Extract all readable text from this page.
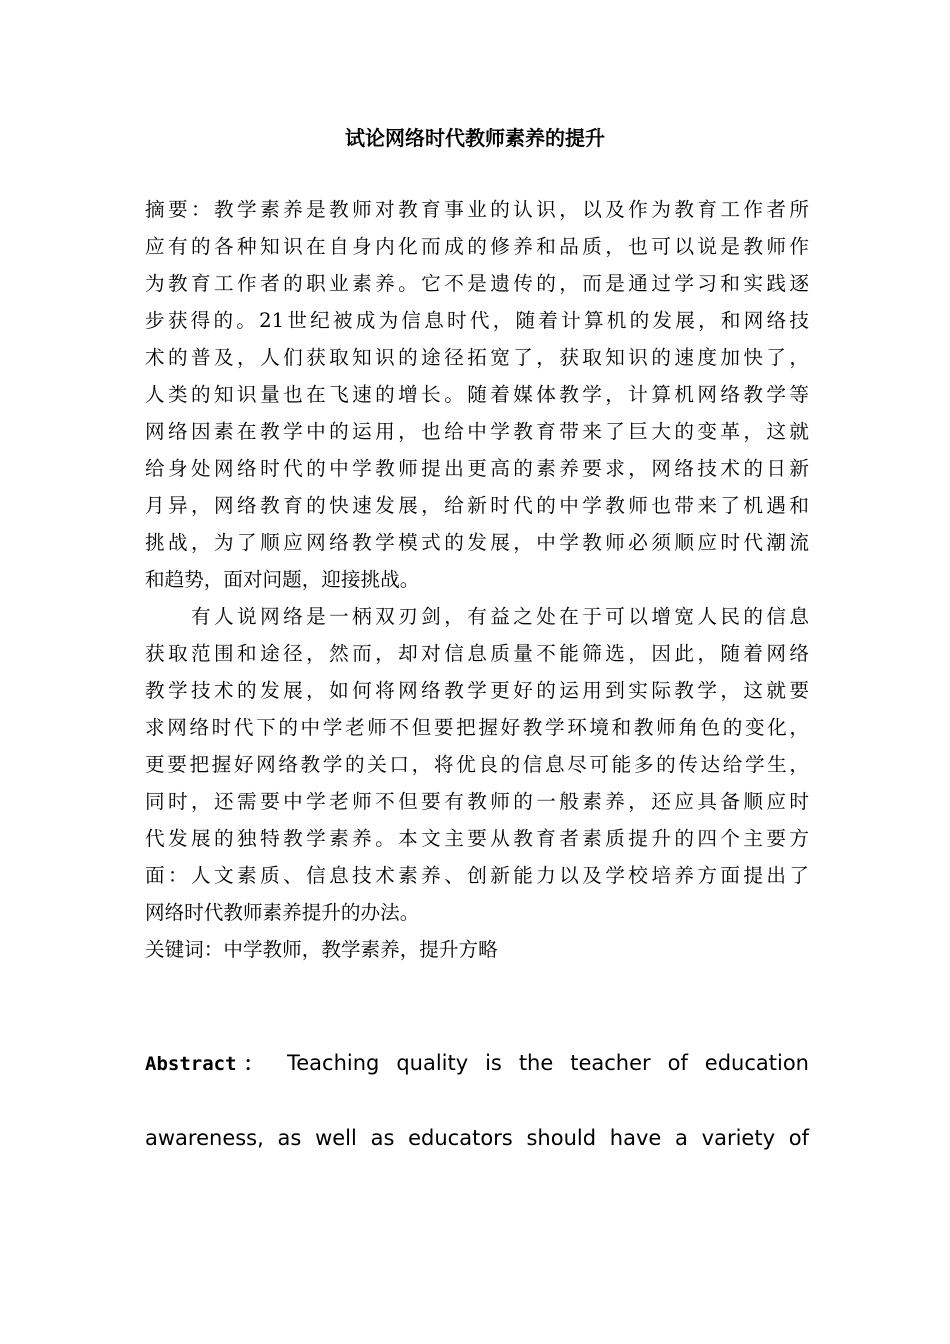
试论网络时代教师素养的提升
摘要：教学素养是教师对教育事业的认识，以及作为教育工作者所
应有的各种知识在自身内化而成的修养和品质，也可以说是教师作
为教育工作者的职业素养。它不是遗传的，而是通过学习和实践逐
步获得的。21世纪被成为信息时代，随着计算机的发展，和网络技
术的普及，人们获取知识的途径拓宽了，获取知识的速度加快了，
人类的知识量也在飞速的增长。随着媒体教学，计算机网络教学等
网络因素在教学中的运用，也给中学教育带来了巨大的变革，这就
给身处网络时代的中学教师提出更高的素养要求，网络技术的日新
月异，网络教育的快速发展，给新时代的中学教师也带来了机遇和
挑战，为了顺应网络教学模式的发展，中学教师必须顺应时代潮流
和趋势，面对问题，迎接挑战。
　　有人说网络是一柄双刃剑，有益之处在于可以增宽人民的信息
获取范围和途径，然而，却对信息质量不能筛选，因此，随着网络
教学技术的发展，如何将网络教学更好的运用到实际教学，这就要
求网络时代下的中学老师不但要把握好教学环境和教师角色的变化，
更要把握好网络教学的关口，将优良的信息尽可能多的传达给学生，
同时，还需要中学老师不但要有教师的一般素养，还应具备顺应时
代发展的独特教学素养。本文主要从教育者素质提升的四个主要方
面：人文素质、信息技术素养、创新能力以及学校培养方面提出了
网络时代教师素养提升的办法。
关键词：中学教师，教学素养，提升方略
Abstract： Teaching quality is the teacher of education
awareness, as well as educators should have a variety of
